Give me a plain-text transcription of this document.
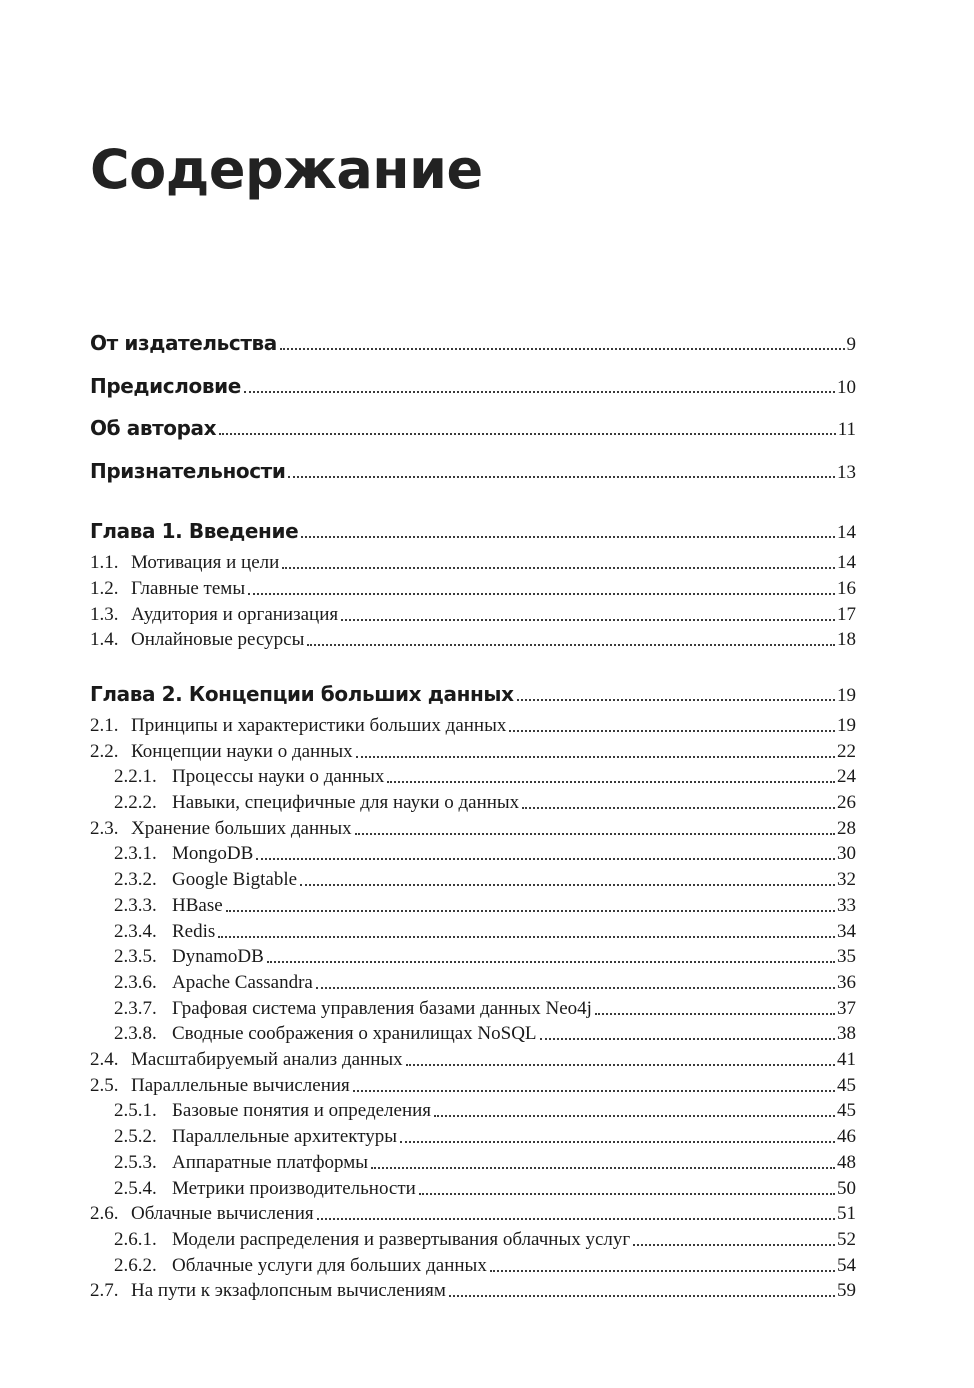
Содержание
От издательства	9
Предисловие	10
Об авторах	11
Признательности	13
Глава 1. Введение	14
1.1. Мотивация и цели	14
1.2. Главные темы	16
1.3. Аудитория и организация	17
1.4. Онлайновые ресурсы	18
Глава 2. Концепции больших данных	19
2.1. Принципы и характеристики больших данных	19
2.2. Концепции науки о данных	22
2.2.1. Процессы науки о данных	24
2.2.2. Навыки, специфичные для науки о данных	26
2.3. Хранение больших данных	28
2.3.1. MongoDB	30
2.3.2. Google Bigtable	32
2.3.3. HBase	33
2.3.4. Redis	34
2.3.5. DynamoDB	35
2.3.6. Apache Cassandra	36
2.3.7. Графовая система управления базами данных Neo4j	37
2.3.8. Сводные соображения о хранилищах NoSQL	38
2.4. Масштабируемый анализ данных	41
2.5. Параллельные вычисления	45
2.5.1. Базовые понятия и определения	45
2.5.2. Параллельные архитектуры	46
2.5.3. Аппаратные платформы	48
2.5.4. Метрики производительности	50
2.6. Облачные вычисления	51
2.6.1. Модели распределения и развертывания облачных услуг	52
2.6.2. Облачные услуги для больших данных	54
2.7. На пути к экзафлопсным вычислениям	59
